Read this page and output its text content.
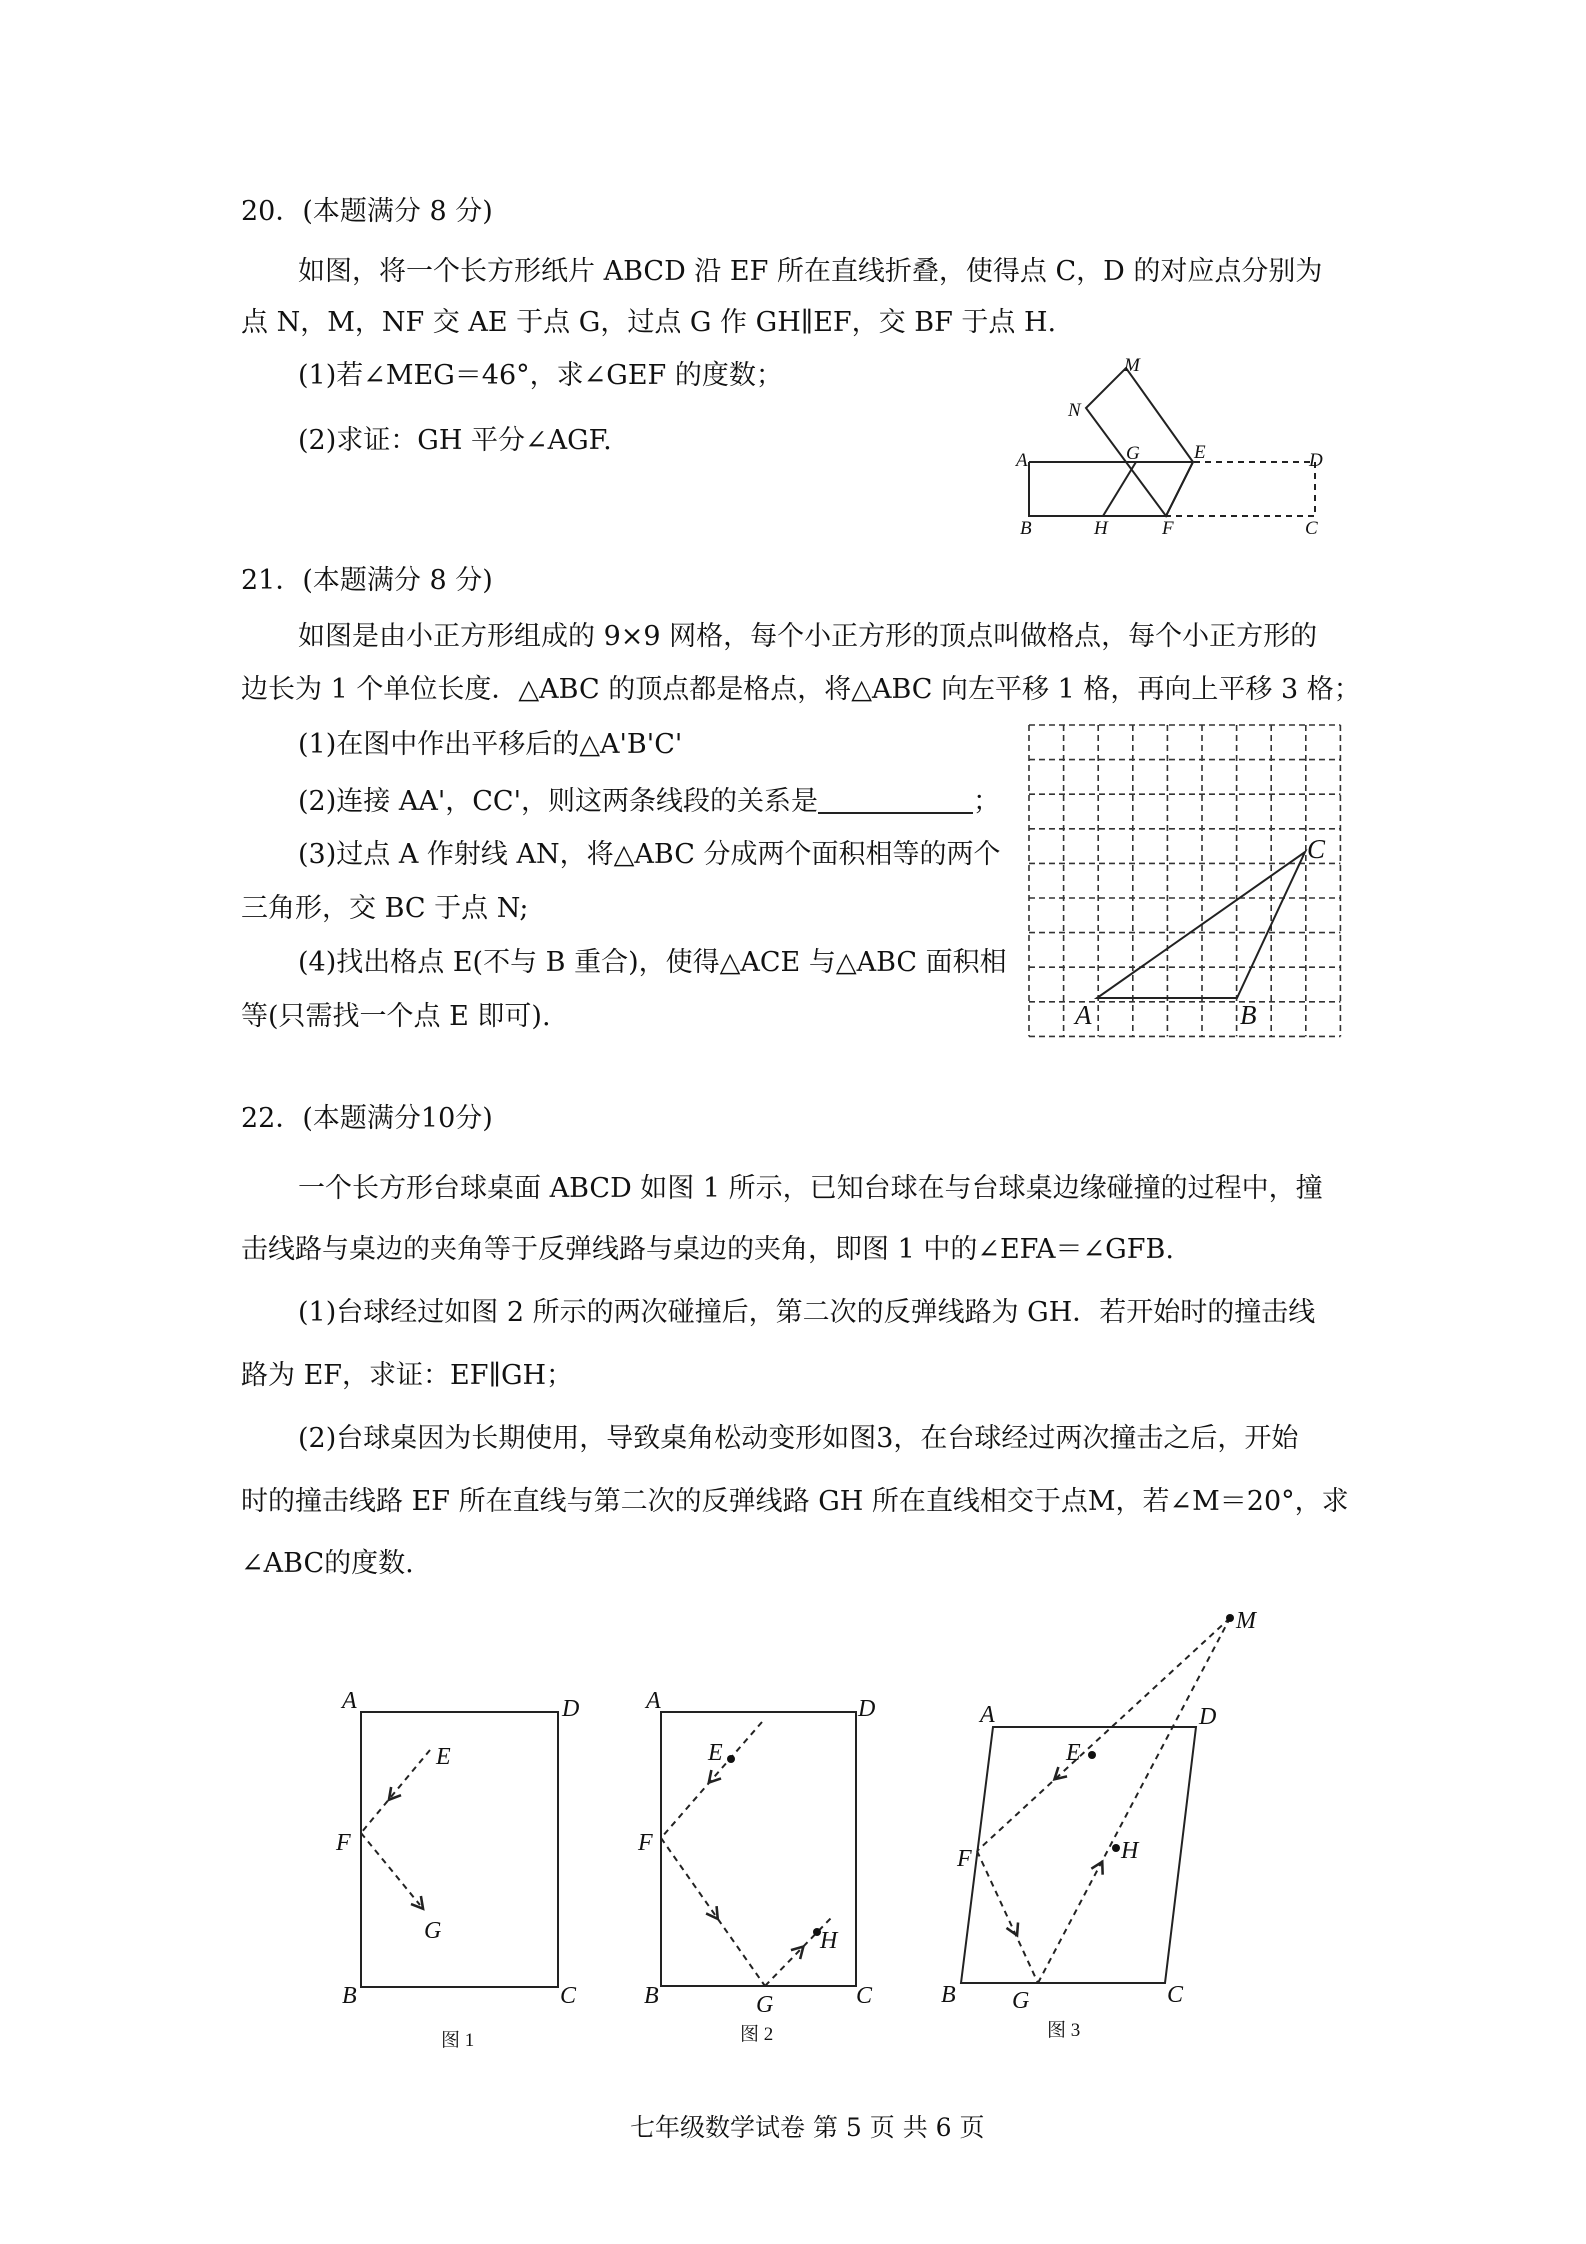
20．(本题满分 8 分)
如图，将一个长方形纸片 ABCD 沿 EF 所在直线折叠，使得点 C，D 的对应点分别为
点 N，M，NF 交 AE 于点 G，过点 G 作 GH∥EF，交 BF 于点 H.
(1)若∠MEG＝46°，求∠GEF 的度数；
(2)求证：GH 平分∠AGF.
M
N
A	G	E	D
B	H	F	C
21．(本题满分 8 分)
如图是由小正方形组成的 9×9 网格，每个小正方形的顶点叫做格点，每个小正方形的
边长为 1 个单位长度．△ABC 的顶点都是格点，将△ABC 向左平移 1 格，再向上平移 3 格；
(1)在图中作出平移后的△A'B'C'
(2)连接 AA'，CC'，则这两条线段的关系是	；
(3)过点 A 作射线 AN，将△ABC 分成两个面积相等的两个
三角形，交 BC 于点 N;
(4)找出格点 E(不与 B 重合)，使得△ACE 与△ABC 面积相
等(只需找一个点 E 即可).
C
A	B
22．(本题满分10分)
一个长方形台球桌面 ABCD 如图 1 所示，已知台球在与台球桌边缘碰撞的过程中，撞
击线路与桌边的夹角等于反弹线路与桌边的夹角，即图 1 中的∠EFA＝∠GFB.
(1)台球经过如图 2 所示的两次碰撞后，第二次的反弹线路为 GH．若开始时的撞击线
路为 EF，求证：EF∥GH；
(2)台球桌因为长期使用，导致桌角松动变形如图3，在台球经过两次撞击之后，开始
时的撞击线路 EF 所在直线与第二次的反弹线路 GH 所在直线相交于点M，若∠M＝20°，求
∠ABC的度数.
A	D
E
F
G
B	C
图 1
A	D
E
F
H
B	G	C
图 2
M
A	D
E
H
F
B G	C
图 3
七年级数学试卷 第 5 页 共 6 页
